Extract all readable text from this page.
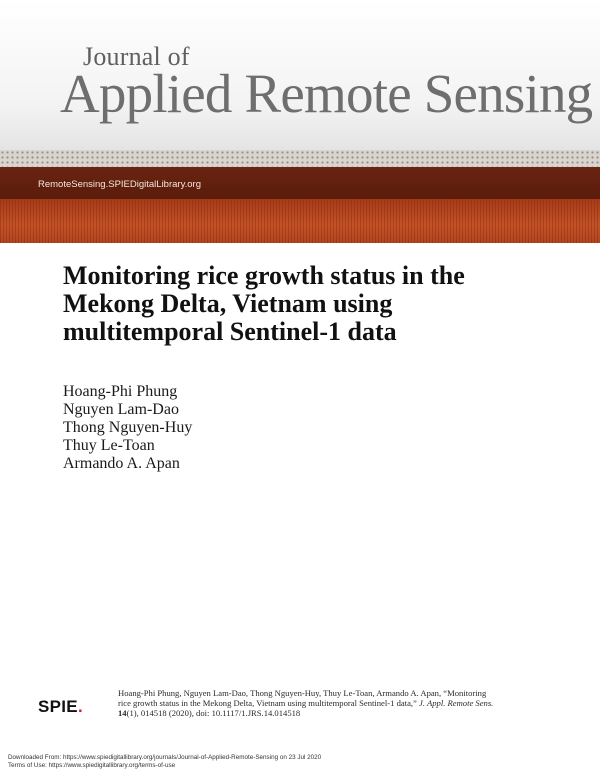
Journal of
Applied Remote Sensing
RemoteSensing.SPIEDigitalLibrary.org
Monitoring rice growth status in the Mekong Delta, Vietnam using multitemporal Sentinel-1 data
Hoang-Phi Phung
Nguyen Lam-Dao
Thong Nguyen-Huy
Thuy Le-Toan
Armando A. Apan
SPIE.

Hoang-Phi Phung, Nguyen Lam-Dao, Thong Nguyen-Huy, Thuy Le-Toan, Armando A. Apan, “Monitoring rice growth status in the Mekong Delta, Vietnam using multitemporal Sentinel-1 data,” J. Appl. Remote Sens. 14(1), 014518 (2020), doi: 10.1117/1.JRS.14.014518

Downloaded From: https://www.spiedigitallibrary.org/journals/Journal-of-Applied-Remote-Sensing on 23 Jul 2020
Terms of Use: https://www.spiedigitallibrary.org/terms-of-use
